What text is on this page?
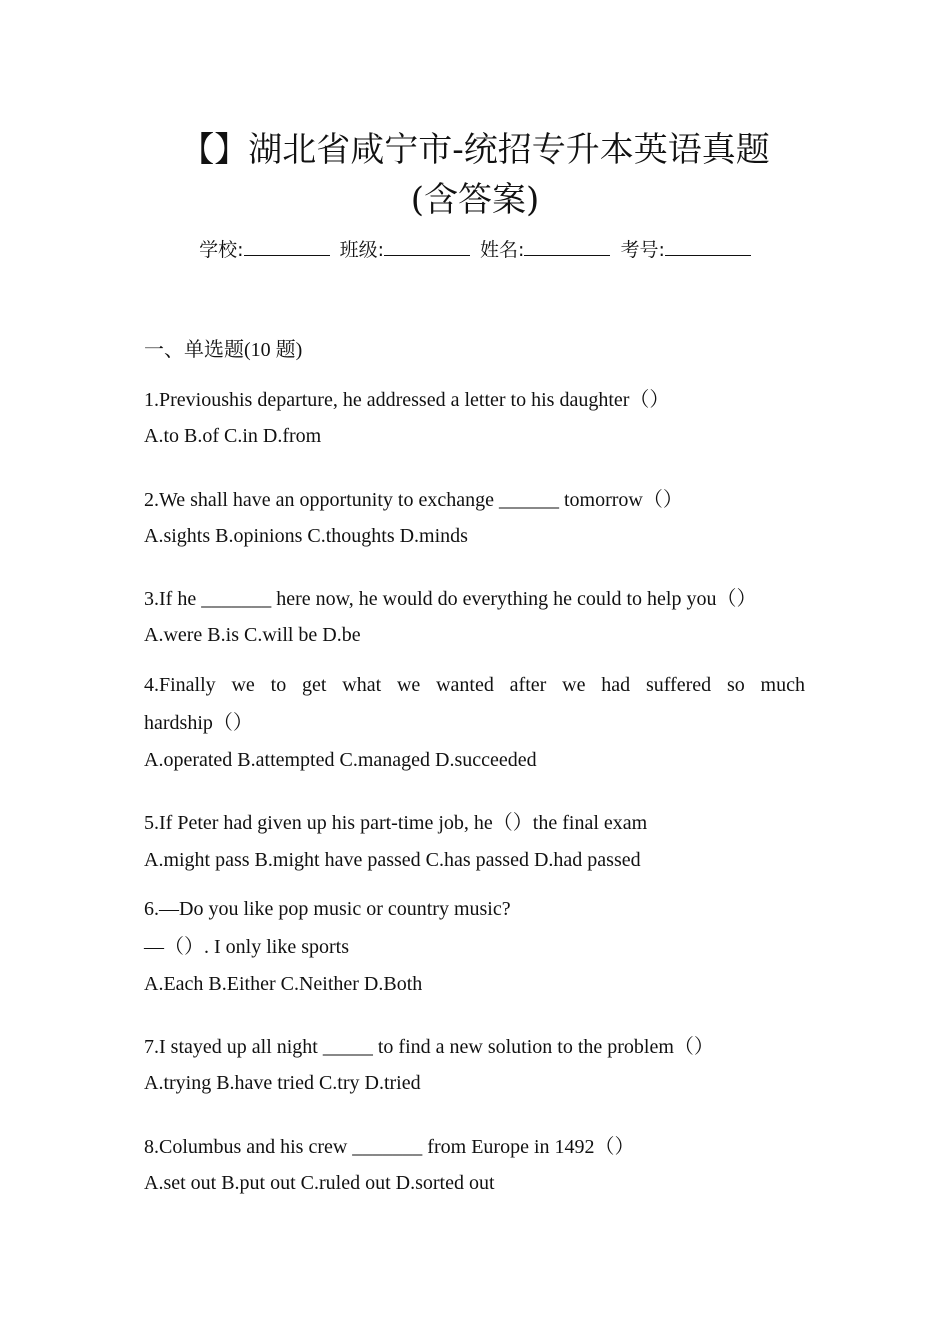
【】湖北省咸宁市-统招专升本英语真题
(含答案)
学校:	班级:	姓名:	考号:
一、单选题(10 题)
1.Previoushis departure, he addressed a letter to his daughter（）
A.to B.of C.in D.from
2.We shall have an opportunity to exchange ______ tomorrow（）
A.sights B.opinions C.thoughts D.minds
3.If he _______ here now, he would do everything he could to help you（）
A.were B.is C.will be D.be
4.Finally we to get what we wanted after we had suffered so much
hardship（）
A.operated B.attempted C.managed D.succeeded
5.If Peter had given up his part-time job, he（）the final exam
A.might pass B.might have passed C.has passed D.had passed
6.—Do you like pop music or country music?
—（）. I only like sports
A.Each B.Either C.Neither D.Both
7.I stayed up all night _____ to find a new solution to the problem（）
A.trying B.have tried C.try D.tried
8.Columbus and his crew _______ from Europe in 1492（）
A.set out B.put out C.ruled out D.sorted out
